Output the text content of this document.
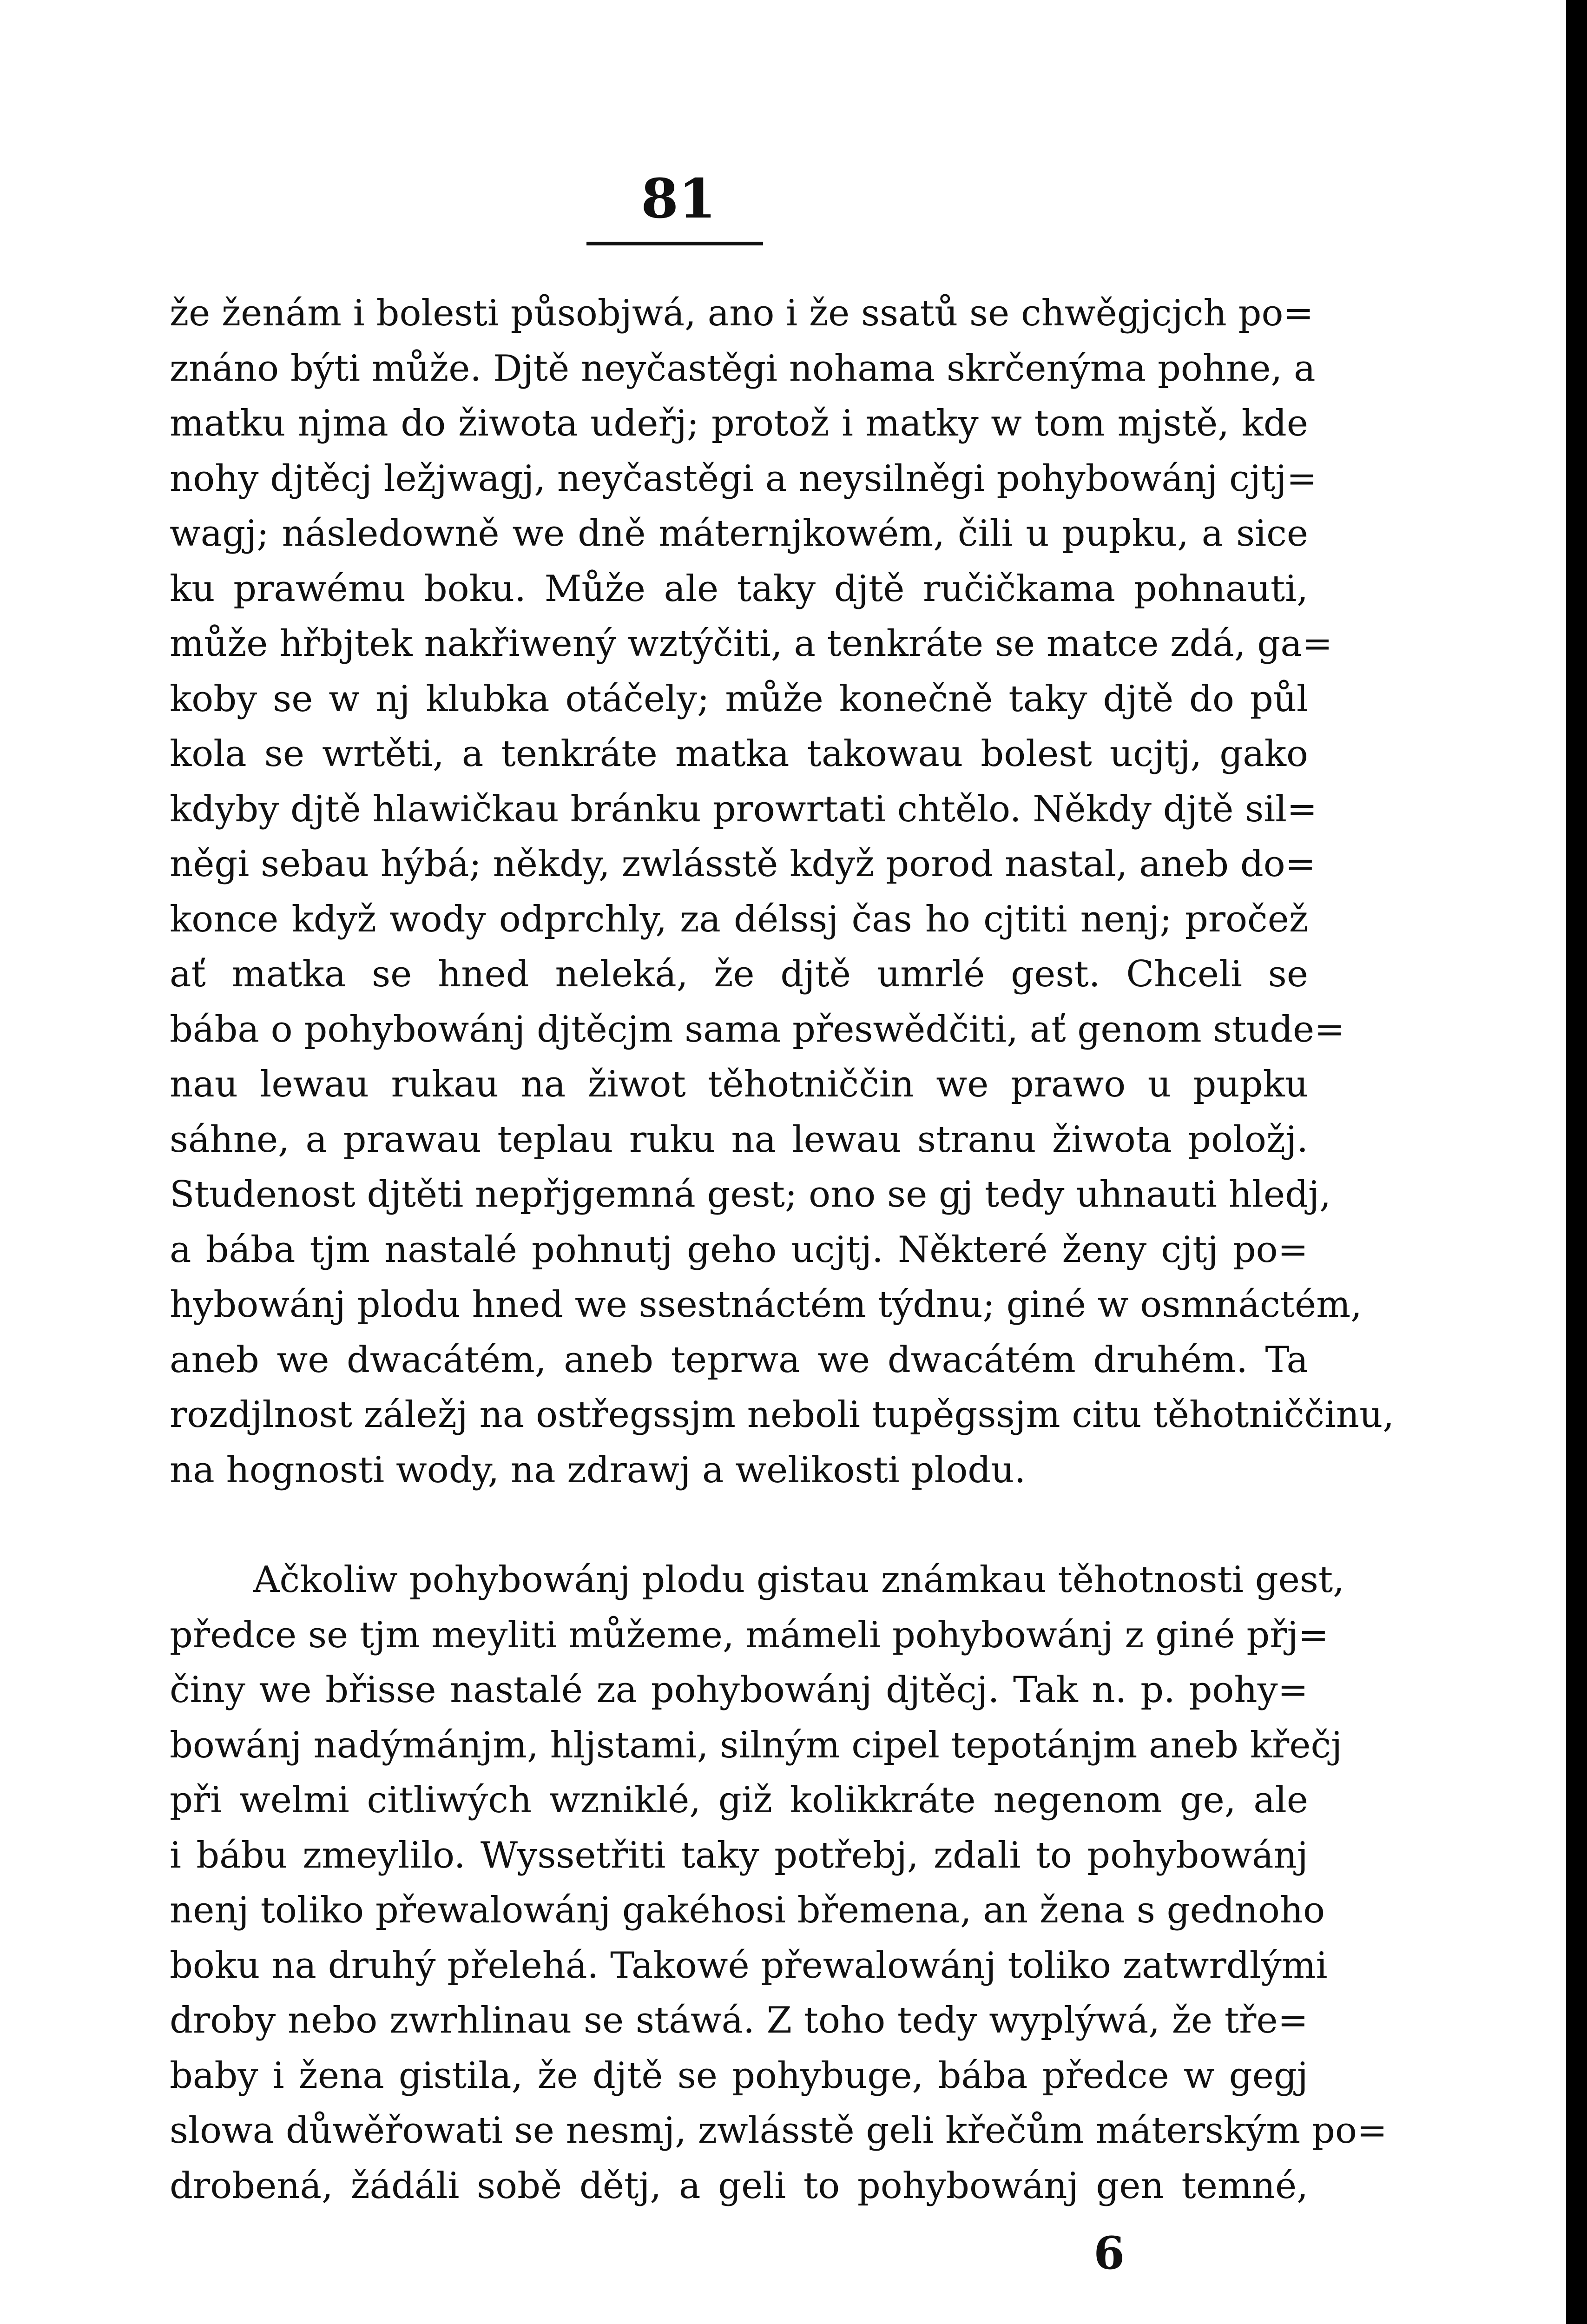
81

že ženám i bolesti působjwá, ano i že ssatů se chwěgjcjch po=

znáno býti může. Djtě neyčastěgi nohama skrčenýma pohne, a

matku njma do žiwota udeřj; protož i matky w tom mjstě, kde

nohy djtěcj ležjwagj, neyčastěgi a neysilněgi pohybowánj cjtj=

wagj; následowně we dně máternjkowém, čili u pupku, a sice

ku prawému boku. Může ale taky djtě ručičkama pohnauti,

může hřbjtek nakřiwený wztýčiti, a tenkráte se matce zdá, ga=

koby se w nj klubka otáčely; může konečně taky djtě do půl

kola se wrtěti, a tenkráte matka takowau bolest ucjtj, gako

kdyby djtě hlawičkau bránku prowrtati chtělo. Někdy djtě sil=

něgi sebau hýbá; někdy, zwlásstě když porod nastal, aneb do=

konce když wody odprchly, za délssj čas ho cjtiti nenj; pročež

ať matka se hned neleká, že djtě umrlé gest. Chceli se

bába o pohybowánj djtěcjm sama přeswědčiti, ať genom stude=

nau lewau rukau na žiwot těhotniččin we prawo u pupku

sáhne, a prawau teplau ruku na lewau stranu žiwota položj.

Studenost djtěti nepřjgemná gest; ono se gj tedy uhnauti hledj,

a bába tjm nastalé pohnutj geho ucjtj. Některé ženy cjtj po=

hybowánj plodu hned we ssestnáctém týdnu; giné w osmnáctém,

aneb we dwacátém, aneb teprwa we dwacátém druhém. Ta

rozdjlnost záležj na ostřegssjm neboli tupěgssjm citu těhotniččinu,

na hognosti wody, na zdrawj a welikosti plodu.

Ačkoliw pohybowánj plodu gistau známkau těhotnosti gest,

předce se tjm meyliti můžeme, mámeli pohybowánj z giné přj=

činy we břisse nastalé za pohybowánj djtěcj. Tak n. p. pohy=

bowánj nadýmánjm, hljstami, silným cipel tepotánjm aneb křečj

při welmi citliwých wzniklé, giž kolikkráte negenom ge, ale

i bábu zmeylilo. Wyssetřiti taky potřebj, zdali to pohybowánj

nenj toliko přewalowánj gakéhosi břemena, an žena s gednoho

boku na druhý přelehá. Takowé přewalowánj toliko zatwrdlými

droby nebo zwrhlinau se stáwá. Z toho tedy wyplýwá, že tře=

baby i žena gistila, že djtě se pohybuge, bába předce w gegj

slowa důwěřowati se nesmj, zwlásstě geli křečům máterským po=

drobená, žádáli sobě dětj, a geli to pohybowánj gen temné,

6
